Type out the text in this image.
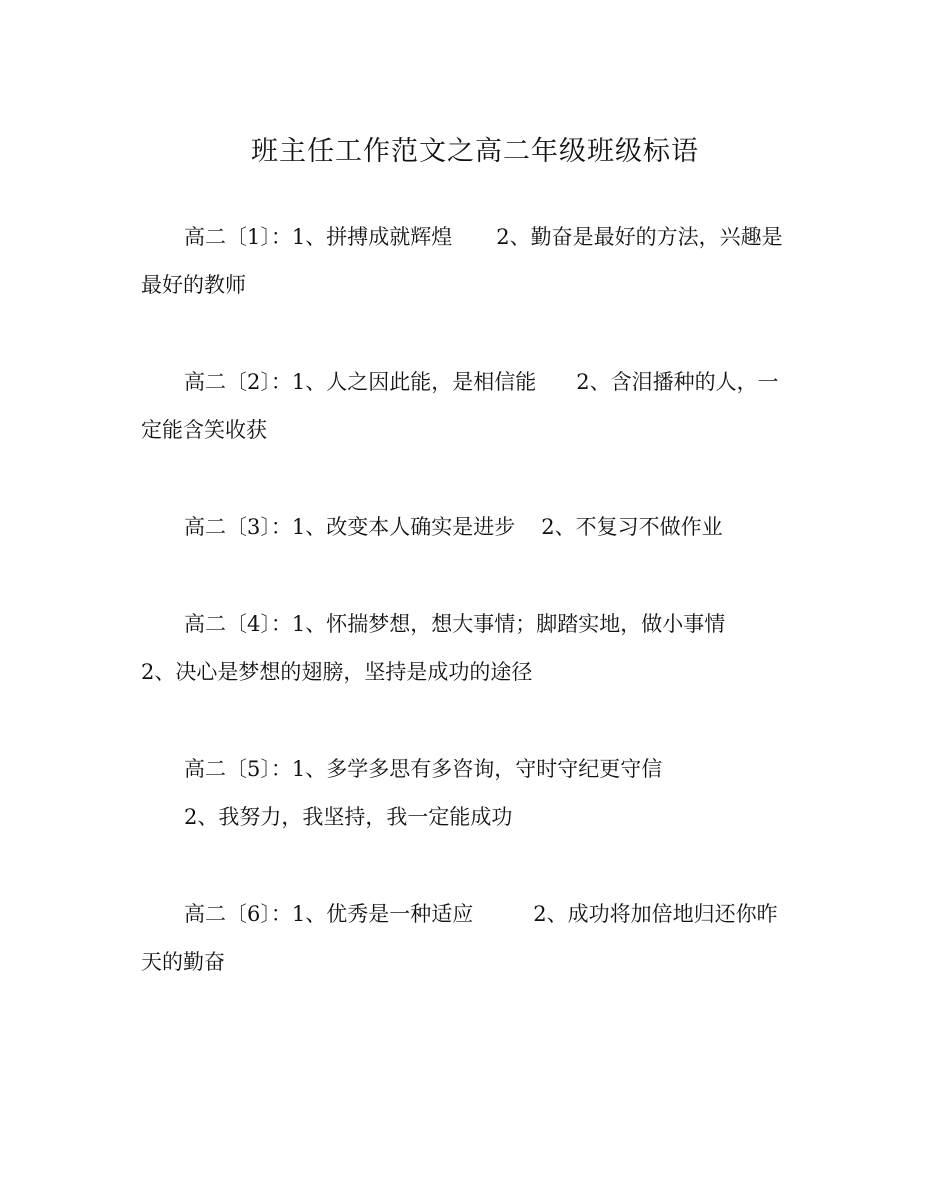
班主任工作范文之高二年级班级标语
高二〔1〕：1、拼搏成就辉煌 2、勤奋是最好的方法，兴趣是
最好的教师
高二〔2〕：1、人之因此能，是相信能 2、含泪播种的人，一
定能含笑收获
高二〔3〕：1、改变本人确实是进步 2、不复习不做作业
高二〔4〕：1、怀揣梦想，想大事情；脚踏实地，做小事情
2、决心是梦想的翅膀，坚持是成功的途径
高二〔5〕：1、多学多思有多咨询，守时守纪更守信
2、我努力，我坚持，我一定能成功
高二〔6〕：1、优秀是一种适应	2、成功将加倍地归还你昨
天的勤奋
